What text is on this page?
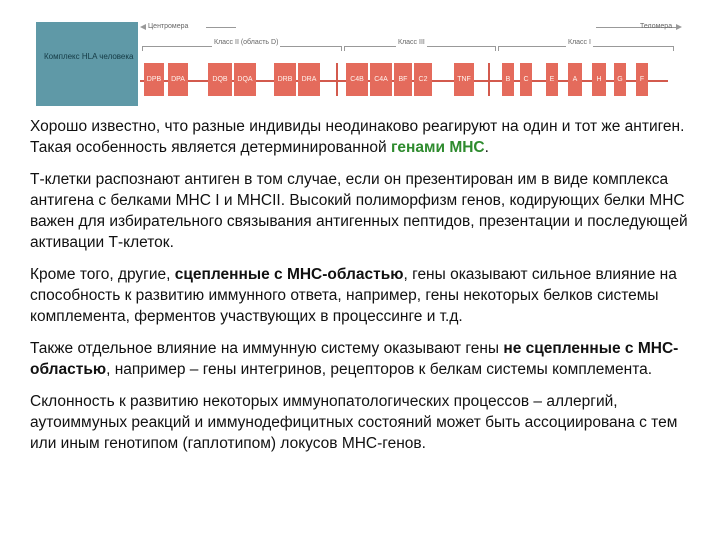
Комплекс HLA человека
Центромера	Теломера
Класс II (область D)	Класс III	Класс I
DPB DPA	DQB DQA	DRB DRA	C4B C4A BF C2	TNF	B C	E	A	H G F

Хорошо известно, что разные индивиды неодинаково реагируют на один и тот же антиген. Такая особенность является детерминированной генами МНС.

Т-клетки распознают антиген в том случае, если он презентирован им в виде комплекса антигена с белками МНС I и МНСII. Высокий полиморфизм генов, кодирующих белки МНС важен для избирательного связывания антигенных пептидов, презентации и последующей активации Т-клеток.

Кроме того, другие, сцепленные с МНС-областью, гены оказывают сильное влияние на способность к развитию иммунного ответа, например, гены некоторых белков системы комплемента, ферментов участвующих в процессинге и т.д.

Также отдельное влияние на иммунную систему оказывают гены не сцепленные с МНС-областью, например – гены интегринов, рецепторов к белкам системы комплемента.

Склонность к развитию некоторых иммунопатологических процессов – аллергий, аутоиммуных реакций и иммунодефицитных состояний может быть ассоциирована с тем или иным генотипом (гаплотипом) локусов МНС-генов.
